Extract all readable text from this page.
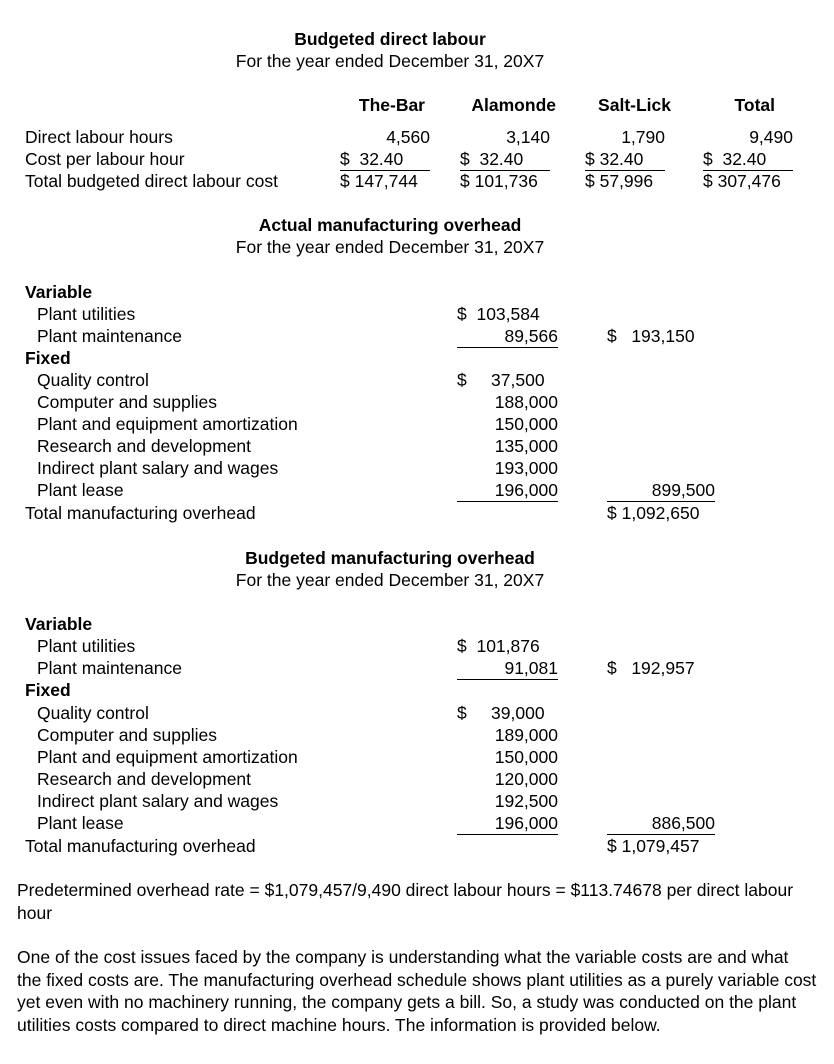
Budgeted direct labour
For the year ended December 31, 20X7
The-Bar	Alamonde	Salt-Lick	Total
Direct labour hours	4,560	3,140	1,790	9,490
Cost per labour hour	$  32.40	$  32.40	$ 32.40	$  32.40
Total budgeted direct labour cost	$ 147,744	$ 101,736	$ 57,996	$ 307,476
Actual manufacturing overhead
For the year ended December 31, 20X7
Variable
Plant utilities	$  103,584
Plant maintenance	89,566	$   193,150
Fixed
Quality control	$     37,500
Computer and supplies	188,000
Plant and equipment amortization	150,000
Research and development	135,000
Indirect plant salary and wages	193,000
Plant lease	196,000	899,500
Total manufacturing overhead	$ 1,092,650
Budgeted manufacturing overhead
For the year ended December 31, 20X7
Variable
Plant utilities	$  101,876
Plant maintenance	91,081	$   192,957
Fixed
Quality control	$     39,000
Computer and supplies	189,000
Plant and equipment amortization	150,000
Research and development	120,000
Indirect plant salary and wages	192,500
Plant lease	196,000	886,500
Total manufacturing overhead	$ 1,079,457
Predetermined overhead rate = $1,079,457/9,490 direct labour hours = $113.74678 per direct labour hour
One of the cost issues faced by the company is understanding what the variable costs are and what the fixed costs are. The manufacturing overhead schedule shows plant utilities as a purely variable cost yet even with no machinery running, the company gets a bill. So, a study was conducted on the plant utilities costs compared to direct machine hours. The information is provided below.
